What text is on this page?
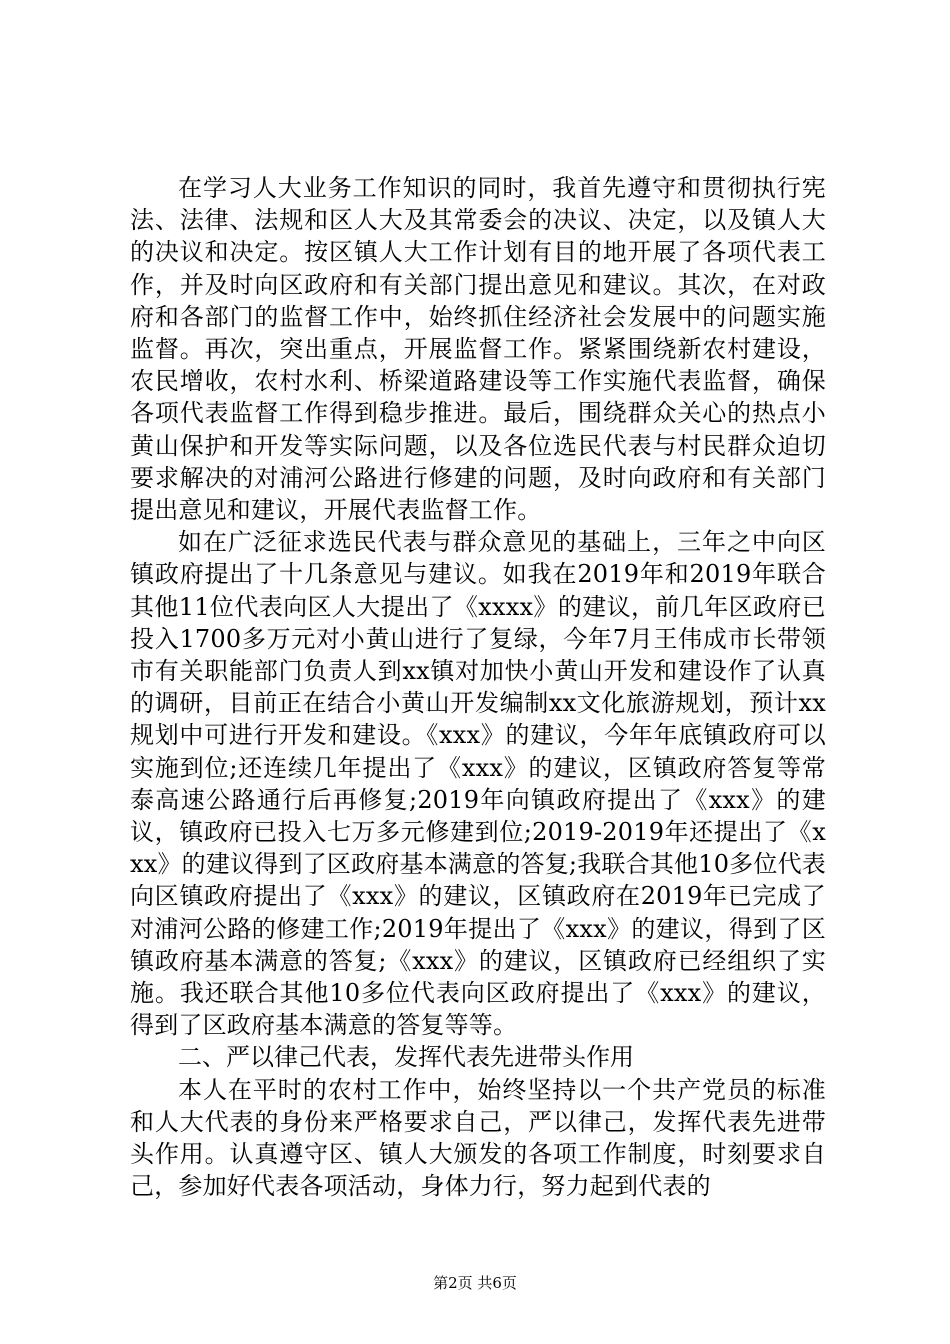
在学习人大业务工作知识的同时，我首先遵守和贯彻执行宪法、法律、法规和区人大及其常委会的决议、决定，以及镇人大的决议和决定。按区镇人大工作计划有目的地开展了各项代表工作，并及时向区政府和有关部门提出意见和建议。其次，在对政府和各部门的监督工作中，始终抓住经济社会发展中的问题实施监督。再次，突出重点，开展监督工作。紧紧围绕新农村建设，农民增收，农村水利、桥梁道路建设等工作实施代表监督，确保各项代表监督工作得到稳步推进。最后，围绕群众关心的热点小黄山保护和开发等实际问题，以及各位选民代表与村民群众迫切要求解决的对浦河公路进行修建的问题，及时向政府和有关部门提出意见和建议，开展代表监督工作。

如在广泛征求选民代表与群众意见的基础上，三年之中向区镇政府提出了十几条意见与建议。如我在2019年和2019年联合其他11位代表向区人大提出了《xxxx》的建议，前几年区政府已投入1700多万元对小黄山进行了复绿，今年7月王伟成市长带领市有关职能部门负责人到xx镇对加快小黄山开发和建设作了认真的调研，目前正在结合小黄山开发编制xx文化旅游规划，预计xx规划中可进行开发和建设。《xxx》的建议，今年年底镇政府可以实施到位;还连续几年提出了《xxx》的建议，区镇政府答复等常泰高速公路通行后再修复;2019年向镇政府提出了《xxx》的建议，镇政府已投入七万多元修建到位;2019-2019年还提出了《xxx》的建议得到了区政府基本满意的答复;我联合其他10多位代表向区镇政府提出了《xxx》的建议，区镇政府在2019年已完成了对浦河公路的修建工作;2019年提出了《xxx》的建议，得到了区镇政府基本满意的答复;《xxx》的建议，区镇政府已经组织了实施。我还联合其他10多位代表向区政府提出了《xxx》的建议，得到了区政府基本满意的答复等等。

二、严以律己代表，发挥代表先进带头作用

本人在平时的农村工作中，始终坚持以一个共产党员的标准和人大代表的身份来严格要求自己，严以律己，发挥代表先进带头作用。认真遵守区、镇人大颁发的各项工作制度，时刻要求自己，参加好代表各项活动，身体力行，努力起到代表的

第2页 共6页
